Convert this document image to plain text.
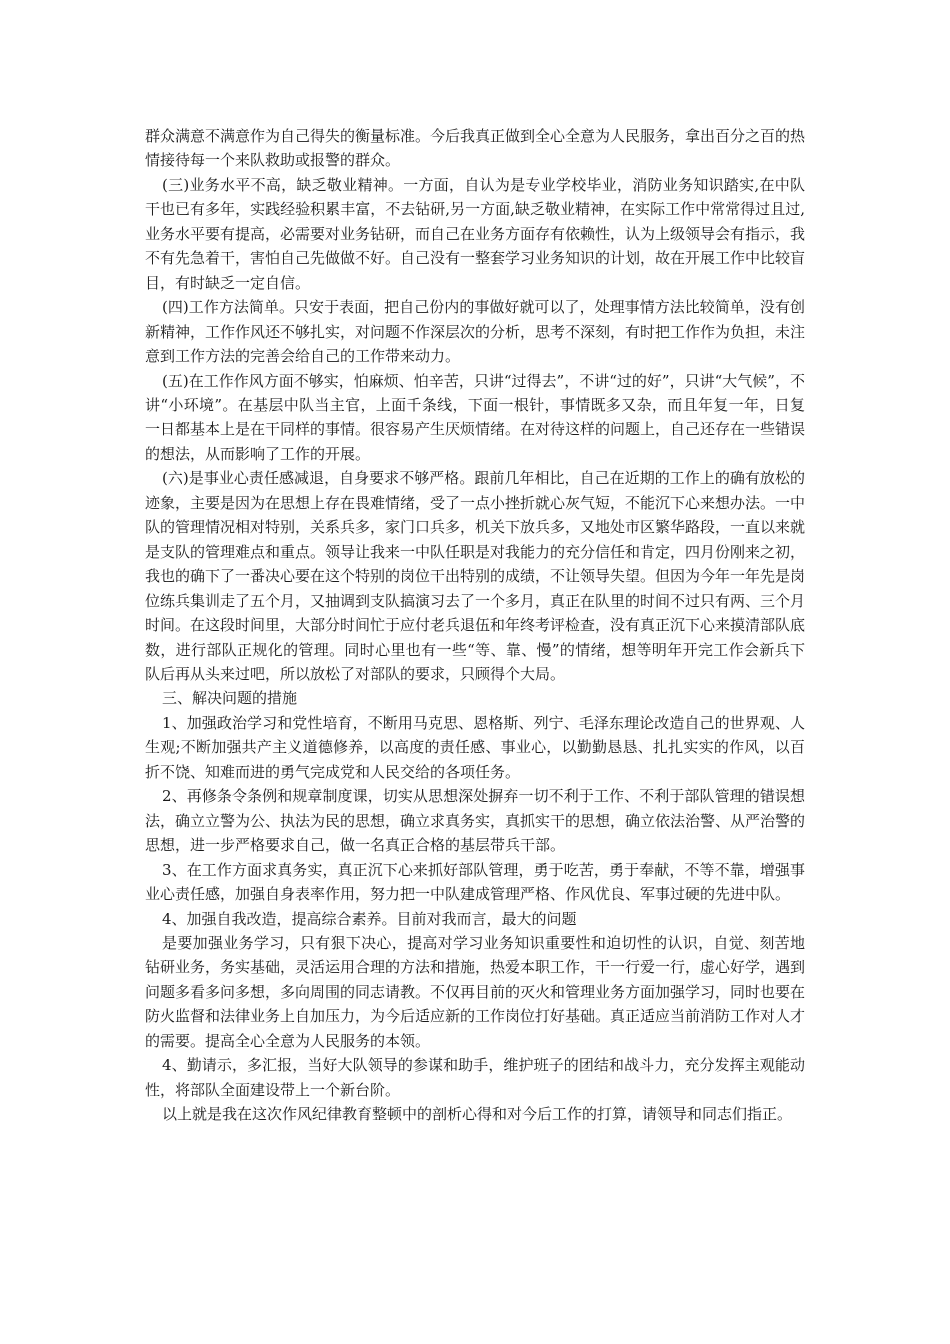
群众满意不满意作为自己得失的衡量标准。今后我真正做到全心全意为人民服务，拿出百分之百的热情接待每一个来队救助或报警的群众。

(三)业务水平不高，缺乏敬业精神。一方面，自认为是专业学校毕业，消防业务知识踏实,在中队干也已有多年，实践经验积累丰富，不去钻研,另一方面,缺乏敬业精神，在实际工作中常常得过且过,业务水平要有提高，必需要对业务钻研，而自己在业务方面存有依赖性，认为上级领导会有指示，我不有先急着干，害怕自己先做做不好。自己没有一整套学习业务知识的计划，故在开展工作中比较盲目，有时缺乏一定自信。

(四)工作方法简单。只安于表面，把自己份内的事做好就可以了，处理事情方法比较简单，没有创新精神，工作作风还不够扎实，对问题不作深层次的分析，思考不深刻，有时把工作作为负担，未注意到工作方法的完善会给自己的工作带来动力。

(五)在工作作风方面不够实，怕麻烦、怕辛苦，只讲“过得去”，不讲“过的好”，只讲“大气候”，不讲“小环境”。在基层中队当主官，上面千条线，下面一根针，事情既多又杂，而且年复一年，日复一日都基本上是在干同样的事情。很容易产生厌烦情绪。在对待这样的问题上，自己还存在一些错误的想法，从而影响了工作的开展。

(六)是事业心责任感减退，自身要求不够严格。跟前几年相比，自己在近期的工作上的确有放松的迹象，主要是因为在思想上存在畏难情绪，受了一点小挫折就心灰气短，不能沉下心来想办法。一中队的管理情况相对特别，关系兵多，家门口兵多，机关下放兵多，又地处市区繁华路段，一直以来就是支队的管理难点和重点。领导让我来一中队任职是对我能力的充分信任和肯定，四月份刚来之初，我也的确下了一番决心要在这个特别的岗位干出特别的成绩，不让领导失望。但因为今年一年先是岗位练兵集训走了五个月，又抽调到支队搞演习去了一个多月，真正在队里的时间不过只有两、三个月时间。在这段时间里，大部分时间忙于应付老兵退伍和年终考评检查，没有真正沉下心来摸清部队底数，进行部队正规化的管理。同时心里也有一些“等、靠、慢”的情绪，想等明年开完工作会新兵下队后再从头来过吧，所以放松了对部队的要求，只顾得个大局。

三、解决问题的措施

1、加强政治学习和党性培育，不断用马克思、恩格斯、列宁、毛泽东理论改造自己的世界观、人生观;不断加强共产主义道德修养，以高度的责任感、事业心，以勤勤恳恳、扎扎实实的作风，以百折不饶、知难而进的勇气完成党和人民交给的各项任务。

2、再修条令条例和规章制度课，切实从思想深处摒弃一切不利于工作、不利于部队管理的错误想法，确立立警为公、执法为民的思想，确立求真务实，真抓实干的思想，确立依法治警、从严治警的思想，进一步严格要求自己，做一名真正合格的基层带兵干部。

3、在工作方面求真务实，真正沉下心来抓好部队管理，勇于吃苦，勇于奉献，不等不靠，增强事业心责任感，加强自身表率作用，努力把一中队建成管理严格、作风优良、军事过硬的先进中队。

4、加强自我改造，提高综合素养。目前对我而言，最大的问题

是要加强业务学习，只有狠下决心，提高对学习业务知识重要性和迫切性的认识，自觉、刻苦地钻研业务，务实基础，灵活运用合理的方法和措施，热爱本职工作，干一行爱一行，虚心好学，遇到问题多看多问多想，多向周围的同志请教。不仅再目前的灭火和管理业务方面加强学习，同时也要在防火监督和法律业务上自加压力，为今后适应新的工作岗位打好基础。真正适应当前消防工作对人才的需要。提高全心全意为人民服务的本领。

4、勤请示，多汇报，当好大队领导的参谋和助手，维护班子的团结和战斗力，充分发挥主观能动性，将部队全面建设带上一个新台阶。

以上就是我在这次作风纪律教育整顿中的剖析心得和对今后工作的打算，请领导和同志们指正。
